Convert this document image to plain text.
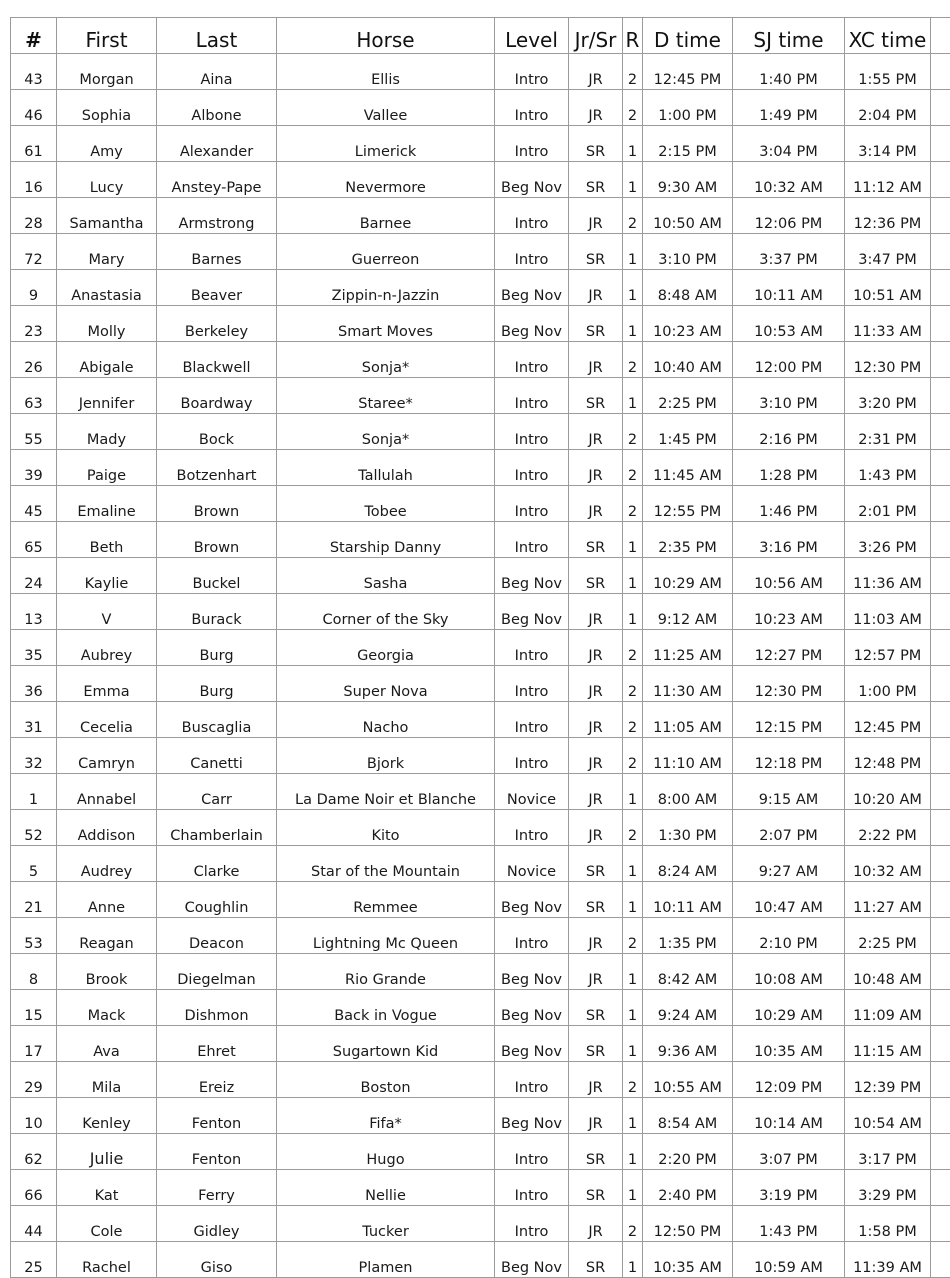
#	First	Last	Horse	Level	Jr/Sr	R	D time	SJ time	XC time	
43	Morgan	Aina	Ellis	Intro	JR	2	12:45 PM	1:40 PM	1:55 PM	
46	Sophia	Albone	Vallee	Intro	JR	2	1:00 PM	1:49 PM	2:04 PM	
61	Amy	Alexander	Limerick	Intro	SR	1	2:15 PM	3:04 PM	3:14 PM	
16	Lucy	Anstey-Pape	Nevermore	Beg Nov	SR	1	9:30 AM	10:32 AM	11:12 AM	
28	Samantha	Armstrong	Barnee	Intro	JR	2	10:50 AM	12:06 PM	12:36 PM	
72	Mary	Barnes	Guerreon	Intro	SR	1	3:10 PM	3:37 PM	3:47 PM	
9	Anastasia	Beaver	Zippin-n-Jazzin	Beg Nov	JR	1	8:48 AM	10:11 AM	10:51 AM	
23	Molly	Berkeley	Smart Moves	Beg Nov	SR	1	10:23 AM	10:53 AM	11:33 AM	
26	Abigale	Blackwell	Sonja*	Intro	JR	2	10:40 AM	12:00 PM	12:30 PM	
63	Jennifer	Boardway	Staree*	Intro	SR	1	2:25 PM	3:10 PM	3:20 PM	
55	Mady	Bock	Sonja*	Intro	JR	2	1:45 PM	2:16 PM	2:31 PM	
39	Paige	Botzenhart	Tallulah	Intro	JR	2	11:45 AM	1:28 PM	1:43 PM	
45	Emaline	Brown	Tobee	Intro	JR	2	12:55 PM	1:46 PM	2:01 PM	
65	Beth	Brown	Starship Danny	Intro	SR	1	2:35 PM	3:16 PM	3:26 PM	
24	Kaylie	Buckel	Sasha	Beg Nov	SR	1	10:29 AM	10:56 AM	11:36 AM	
13	V	Burack	Corner of the Sky	Beg Nov	JR	1	9:12 AM	10:23 AM	11:03 AM	
35	Aubrey	Burg	Georgia	Intro	JR	2	11:25 AM	12:27 PM	12:57 PM	
36	Emma	Burg	Super Nova	Intro	JR	2	11:30 AM	12:30 PM	1:00 PM	
31	Cecelia	Buscaglia	Nacho	Intro	JR	2	11:05 AM	12:15 PM	12:45 PM	
32	Camryn	Canetti	Bjork	Intro	JR	2	11:10 AM	12:18 PM	12:48 PM	
1	Annabel	Carr	La Dame Noir et Blanche	Novice	JR	1	8:00 AM	9:15 AM	10:20 AM	
52	Addison	Chamberlain	Kito	Intro	JR	2	1:30 PM	2:07 PM	2:22 PM	
5	Audrey	Clarke	Star of the Mountain	Novice	SR	1	8:24 AM	9:27 AM	10:32 AM	
21	Anne	Coughlin	Remmee	Beg Nov	SR	1	10:11 AM	10:47 AM	11:27 AM	
53	Reagan	Deacon	Lightning Mc Queen	Intro	JR	2	1:35 PM	2:10 PM	2:25 PM	
8	Brook	Diegelman	Rio Grande	Beg Nov	JR	1	8:42 AM	10:08 AM	10:48 AM	
15	Mack	Dishmon	Back in Vogue	Beg Nov	SR	1	9:24 AM	10:29 AM	11:09 AM	
17	Ava	Ehret	Sugartown Kid	Beg Nov	SR	1	9:36 AM	10:35 AM	11:15 AM	
29	Mila	Ereiz	Boston	Intro	JR	2	10:55 AM	12:09 PM	12:39 PM	
10	Kenley	Fenton	Fifa*	Beg Nov	JR	1	8:54 AM	10:14 AM	10:54 AM	
62	Julie	Fenton	Hugo	Intro	SR	1	2:20 PM	3:07 PM	3:17 PM	
66	Kat	Ferry	Nellie	Intro	SR	1	2:40 PM	3:19 PM	3:29 PM	
44	Cole	Gidley	Tucker	Intro	JR	2	12:50 PM	1:43 PM	1:58 PM	
25	Rachel	Giso	Plamen	Beg Nov	SR	1	10:35 AM	10:59 AM	11:39 AM	
